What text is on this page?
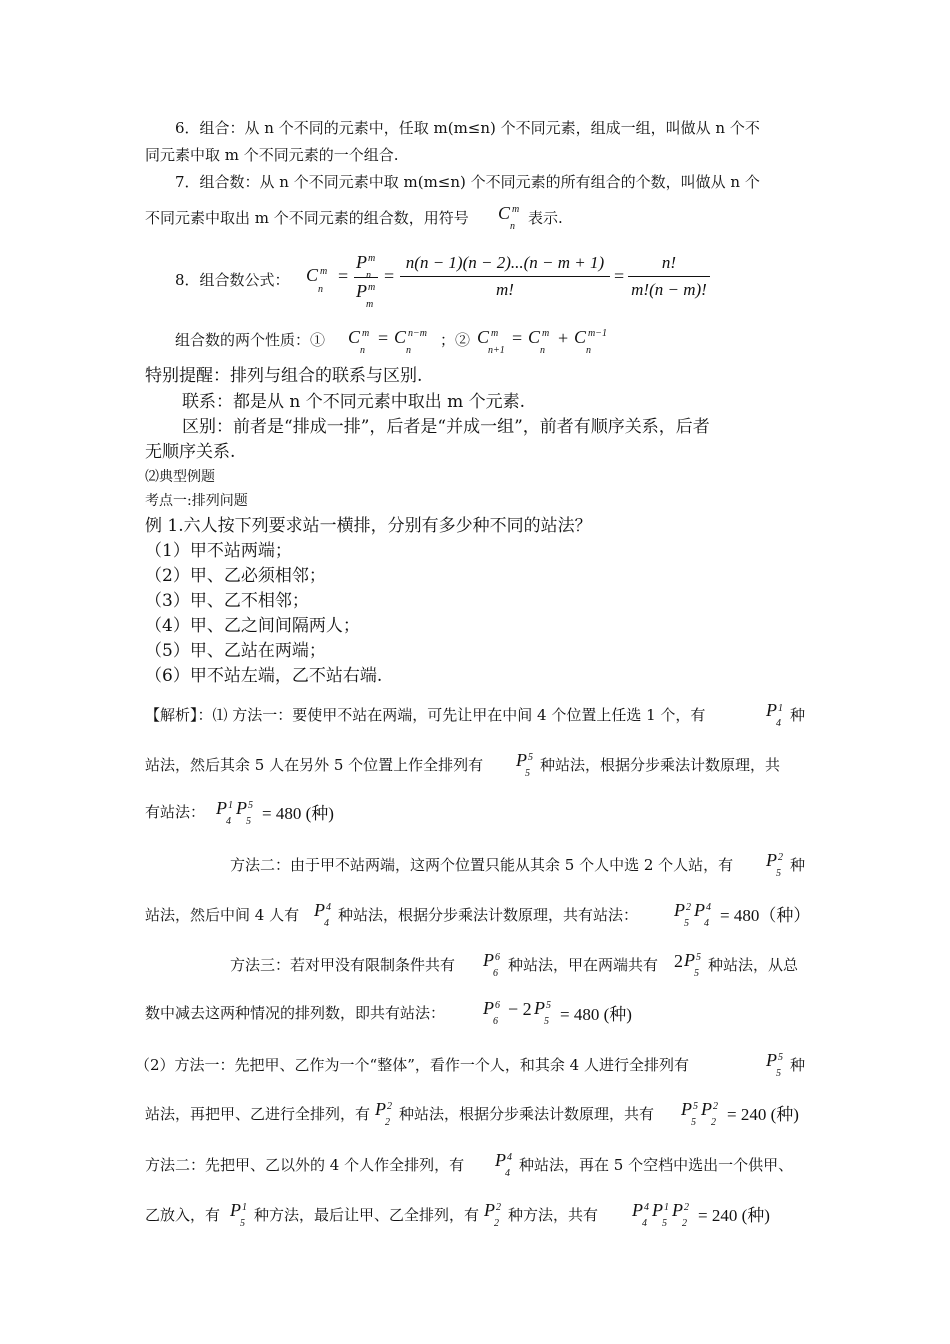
6．组合：从 n 个不同的元素中，任取 m(m≤n) 个不同元素，组成一组，叫做从 n 个不
同元素中取 m 个不同元素的一个组合.
7．组合数：从 n 个不同元素中取 m(m≤n) 个不同元素的所有组合的个数，叫做从 n 个
不同元素中取出 m 个不同元素的组合数，用符号 C m
n 表示.
8．组合数公式： C m
n
=
P m
n
P m
m
=
n(n − 1)(n − 2)...(n − m + 1)
m!
=
n!
m!(n − m)!
组合数的两个性质：① C m
n
= C n−m
n
；② C m
n+1
= C m
n
+ C m−1
n
特别提醒：排列与组合的联系与区别.
联系：都是从 n 个不同元素中取出 m 个元素.
区别：前者是“排成一排”，后者是“并成一组”，前者有顺序关系，后者
无顺序关系.
⑵典型例题
考点一:排列问题
例 1.六人按下列要求站一横排，分别有多少种不同的站法？
（1）甲不站两端；
（2）甲、乙必须相邻；
（3）甲、乙不相邻；
（4）甲、乙之间间隔两人；
（5）甲、乙站在两端；
（6）甲不站左端，乙不站右端.
【解析】：⑴ 方法一：要使甲不站在两端，可先让甲在中间 4 个位置上任选 1 个，有	P 1
4 种
站法，然后其余 5 人在另外 5 个位置上作全排列有 P 5
5 种站法，根据分步乘法计数原理，共
有站法： P 1
4
P 5
5 = 480 (种)
方法二：由于甲不站两端，这两个位置只能从其余 5 个人中选 2 个人站，有 P 2
5 种
站法，然后中间 4 人有 P 4
4 种站法，根据分步乘法计数原理，共有站法： P 2
5
P 4
4 = 480（种）
方法三：若对甲没有限制条件共有 P 6
6 种站法，甲在两端共有 2 P 5
5 种站法，从总
数中减去这两种情况的排列数，即共有站法： P 6
6
− 2 P 5
5 = 480 (种)
（2）方法一：先把甲、乙作为一个“整体”，看作一个人，和其余 4 人进行全排列有	P 5
5 种
站法，再把甲、乙进行全排列，有 P 2
2 种站法，根据分步乘法计数原理，共有 P 5
5
P 2
2 = 240 (种)
方法二：先把甲、乙以外的 4 个人作全排列，有 P 4
4 种站法，再在 5 个空档中选出一个供甲、
乙放入，有 P 1
5 种方法，最后让甲、乙全排列，有 P 2
2 种方法，共有 P 4
4
P 1
5
P 2
2 = 240 (种)
